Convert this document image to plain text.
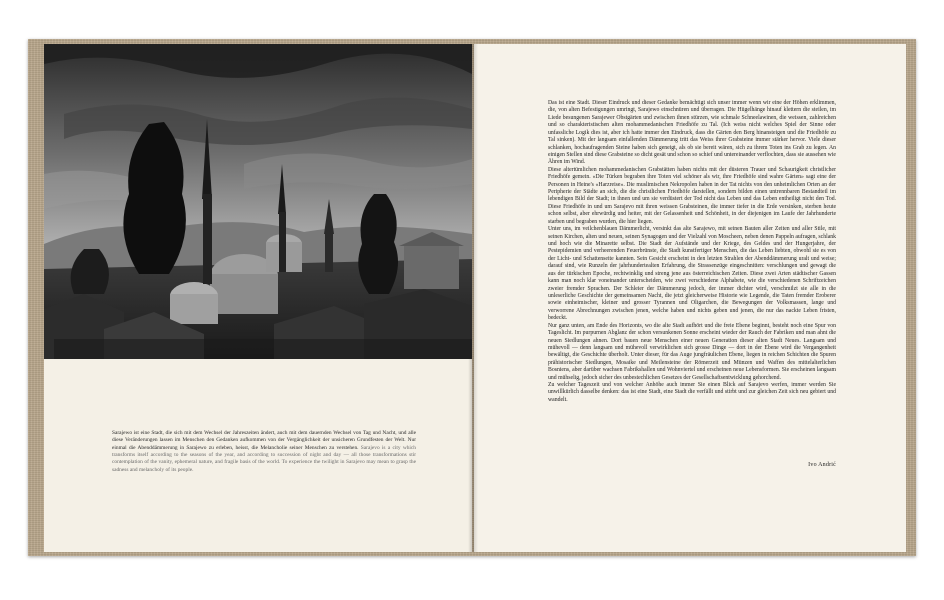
Sarajewo ist eine Stadt, die sich mit dem Wechsel der Jahreszeiten ändert, auch mit dem dauernden Wechsel von Tag und Nacht, und alle diese Veränderungen lassen im Menschen den Gedanken aufkommen von der Vergänglichkeit der unsicheren Grundfesten der Welt. Nur einmal die Abenddämmerung in Sarajewo zu erleben, heisst, die Melancholie seiner Menschen zu verstehen. Sarajevo is a city which transforms itself according to the seasons of the year, and according to succession of night and day — all those transformations stir contemplation of the vanity, ephemeral nature, and fragile basis of the world. To experience the twilight in Sarajevo may mean to grasp the sadness and melancholy of its people.

Das ist eine Stadt. Dieser Eindruck und dieser Gedanke bemächtigt sich unser immer wenn wir eine der Höhen erklimmen, die, von alten Befestigungen umringt, Sarajewo einschnüren und überragen. Die Hügelhänge hinauf klettern die steilen, im Liede besungenen Sarajewer Obstgärten und zwischen ihnen stürzen, wie schmale Schneelawinen, die weissen, zahlreichen und so charakteristischen alten mohammedanischen Friedhöfe zu Tal. (Ich weiss nicht welches Spiel der Sinne oder unfassliche Logik dies ist, aber ich hatte immer den Eindruck, dass die Gärten den Berg hinansteigen und die Friedhöfe zu Tal sinken). Mit der langsam einfallenden Dämmerung tritt das Weiss ihrer Grabsteine immer stärker hervor. Viele dieser schlanken, hochaufragenden Steine haben sich geneigt, als ob sie bereit wären, sich zu ihrem Toten ins Grab zu legen. An einigen Stellen sind diese Grabsteine so dicht gesät und schon so schief und untereinander verflochten, dass sie aussehen wie Ähren im Wind.

Diese altertümlichen mohammedanischen Grabstätten haben nichts mit der düsteren Trauer und Schaurigkeit christlicher Friedhöfe gemein. «Die Türken begraben ihre Toten viel schöner als wir, ihre Friedhöfe sind wahre Gärten» sagt eine der Personen in Heine's «Harzreise». Die muslimischen Nekropolen haben in der Tat nichts von den unheimlichen Orten an der Peripherie der Städte an sich, die die christlichen Friedhöfe darstellen, sondern bilden einen untrennbaren Bestandteil im lebendigen Bild der Stadt; in ihnen und um sie verdüstert der Tod nicht das Leben und das Leben entheiligt nicht den Tod. Diese Friedhöfe in und um Sarajevo mit ihren weissen Grabsteinen, die immer tiefer in die Erde versinken, sterben heute schon selbst, aber ehrwürdig und heiter, mit der Gelassenheit und Schönheit, in der diejenigen im Laufe der Jahrhunderte starben und begraben wurden, die hier liegen.

Unter uns, im veilchenblauen Dämmerlicht, versinkt das alte Sarajewo, mit seinen Bauten aller Zeiten und aller Stile, mit seinen Kirchen, alten und neuen, seinen Synagogen und der Vielzahl von Moscheen, neben denen Pappeln aufragen, schlank und hoch wie die Minarette selbst. Die Stadt der Aufstände und der Kriege, des Geldes und der Hungerjahre, der Pestepidemien und verheerenden Feuerbrünste, die Stadt kunstfertiger Menschen, die das Leben liebten, obwohl sie es von der Licht- und Schattenseite kannten. Sein Gesicht erscheint in den letzten Strahlen der Abenddämmerung uralt und weise; darauf sind, wie Runzeln der jahrhundertealten Erfahrung, die Strassenzüge eingeschnitten: verschlungen und gewagt die aus der türkischen Epoche, rechtwinklig und streng jene aus österreichischen Zeiten. Diese zwei Arten städtischer Gassen kann man noch klar voneinander unterscheiden, wie zwei verschiedene Alphabete, wie die verschiedenen Schriftzeichen zweier fremder Sprachen. Der Schleier der Dämmerung jedoch, der immer dichter wird, verschmilzt sie alle in die unleserliche Geschichte der gemeinsamen Nacht, die jetzt gleicherweise Historie wie Legende, die Taten fremder Eroberer sowie einheimischer, kleiner und grosser Tyrannen und Oligarchen, die Bewegungen der Volksmassen, lange und verworrene Abrechnungen zwischen jenen, welche haben und nichts geben und jenen, die nur das nackte Leben fristen, bedeckt.

Nur ganz unten, am Ende des Horizonts, wo die alte Stadt aufhört und die freie Ebene beginnt, besteht noch eine Spur von Tageslicht. Im purpurnen Abglanz der schon versunkenen Sonne erscheint wieder der Rauch der Fabriken und man ahnt die neuen Siedlungen ahnen. Dort bauen neue Menschen einer neuen Generation dieser alten Stadt Neues. Langsam und mühevoll — denn langsam und mühevoll verwirklichen sich grosse Dinge — dort in der Ebene wird die Vergangenheit bewältigt, die Geschichte überholt. Unter dieser, für das Auge jungfräulichen Ebene, liegen in reichen Schichten die Spuren prähistorischer Siedlungen, Mosaike und Meilensteine der Römerzeit und Münzen und Waffen des mittelalterlichen Bosniens, aber darüber wachsen Fabrikshallen und Wohnviertel und erscheinen neue Lebensformen. Sie erscheinen langsam und mühselig, jedoch sicher des unbestechlichen Gesetzes der Gesellschaftsentwicklung gehorchend.

Zu welcher Tageszeit und von welcher Anhöhe auch immer Sie einen Blick auf Sarajevo werfen, immer werden Sie unwillkürlich dasselbe denken: das ist eine Stadt, eine Stadt die verfällt und stirbt und zur gleichen Zeit sich neu gebiert und wandelt.

Ivo Andrić
